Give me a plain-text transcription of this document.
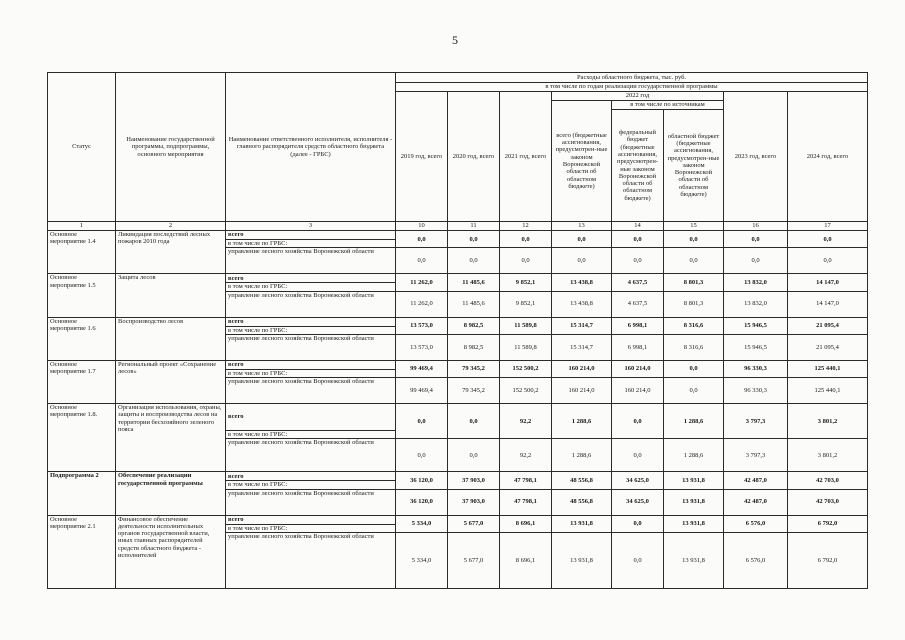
5
Статус	Наименование государственной программы, подпрограммы, основного мероприятия	Наименование ответственного исполнителя, исполнителя - главного распорядителя средств областного бюджета (далее - ГРБС)	Расходы областного бюджета, тыс. руб.							
			в том числе по годам реализации государственной программы							
			2019 год, всего	2020 год, всего	2021 год, всего	2022 год			2023 год, всего	2024 год, всего
						всего (бюджетные ассигнования, предусмотрен-ные законом Воронежской области об областном бюджете)	в том числе по источникам			
							федеральный бюджет (бюджетные ассигнования, предусмотрен-ные законом Воронежской области об областном бюджете)	областной бюджет (бюджетные ассигнования, предусмотрен-ные законом Воронежской области об областном бюджете)		
1	2	3	10	11	12	13	14	15	16	17
Основное мероприятие 1.4	Ликвидация последствий лесных пожаров 2010 года	всего	0,0	0,0	0,0	0,0	0,0	0,0	0,0	0,0
		в том числе по ГРБС:								
		управление лесного хозяйства Воронежской области	0,0	0,0	0,0	0,0	0,0	0,0	0,0	0,0
Основное мероприятие 1.5	Защита лесов	всего	11 262,0	11 485,6	9 852,1	13 438,8	4 637,5	8 801,3	13 832,0	14 147,0
		в том числе по ГРБС:								
		управление лесного хозяйства Воронежской области	11 262,0	11 485,6	9 852,1	13 438,8	4 637,5	8 801,3	13 832,0	14 147,0
Основное мероприятие 1.6	Воспроизводство лесов	всего	13 573,0	8 982,5	11 589,8	15 314,7	6 998,1	8 316,6	15 946,5	21 095,4
		в том числе по ГРБС:								
		управление лесного хозяйства Воронежской области	13 573,0	8 982,5	11 589,8	15 314,7	6 998,1	8 316,6	15 946,5	21 095,4
Основное мероприятие 1.7	Региональный проект «Сохранение лесов»	всего	99 469,4	79 345,2	152 500,2	160 214,0	160 214,0	0,0	96 330,3	125 440,1
		в том числе по ГРБС:								
		управление лесного хозяйства Воронежской области	99 469,4	79 345,2	152 500,2	160 214,0	160 214,0	0,0	96 330,3	125 440,1
Основное мероприятие 1.8.	Организация использования, охраны, защиты и воспроизводства лесов на территории бесхозяйного зеленого пояса	всего	0,0	0,0	92,2	1 288,6	0,0	1 288,6	3 797,3	3 801,2
		в том числе по ГРБС:								
		управление лесного хозяйства Воронежской области	0,0	0,0	92,2	1 288,6	0,0	1 288,6	3 797,3	3 801,2
Подпрограмма 2	Обеспечение реализации государственной программы	всего	36 120,0	37 903,0	47 798,1	48 556,8	34 625,0	13 931,8	42 487,0	42 703,0
		в том числе по ГРБС:								
		управление лесного хозяйства Воронежской области	36 120,0	37 903,0	47 798,1	48 556,8	34 625,0	13 931,8	42 487,0	42 703,0
Основное мероприятие 2.1	Финансовое обеспечение деятельности исполнительных органов государственной власти, иных главных распорядителей средств областного бюджета - исполнителей	всего	5 334,0	5 677,0	8 696,1	13 931,8	0,0	13 931,8	6 576,0	6 792,0
		в том числе по ГРБС:								
		управление лесного хозяйства Воронежской области	5 334,0	5 677,0	8 696,1	13 931,8	0,0	13 931,8	6 576,0	6 792,0
